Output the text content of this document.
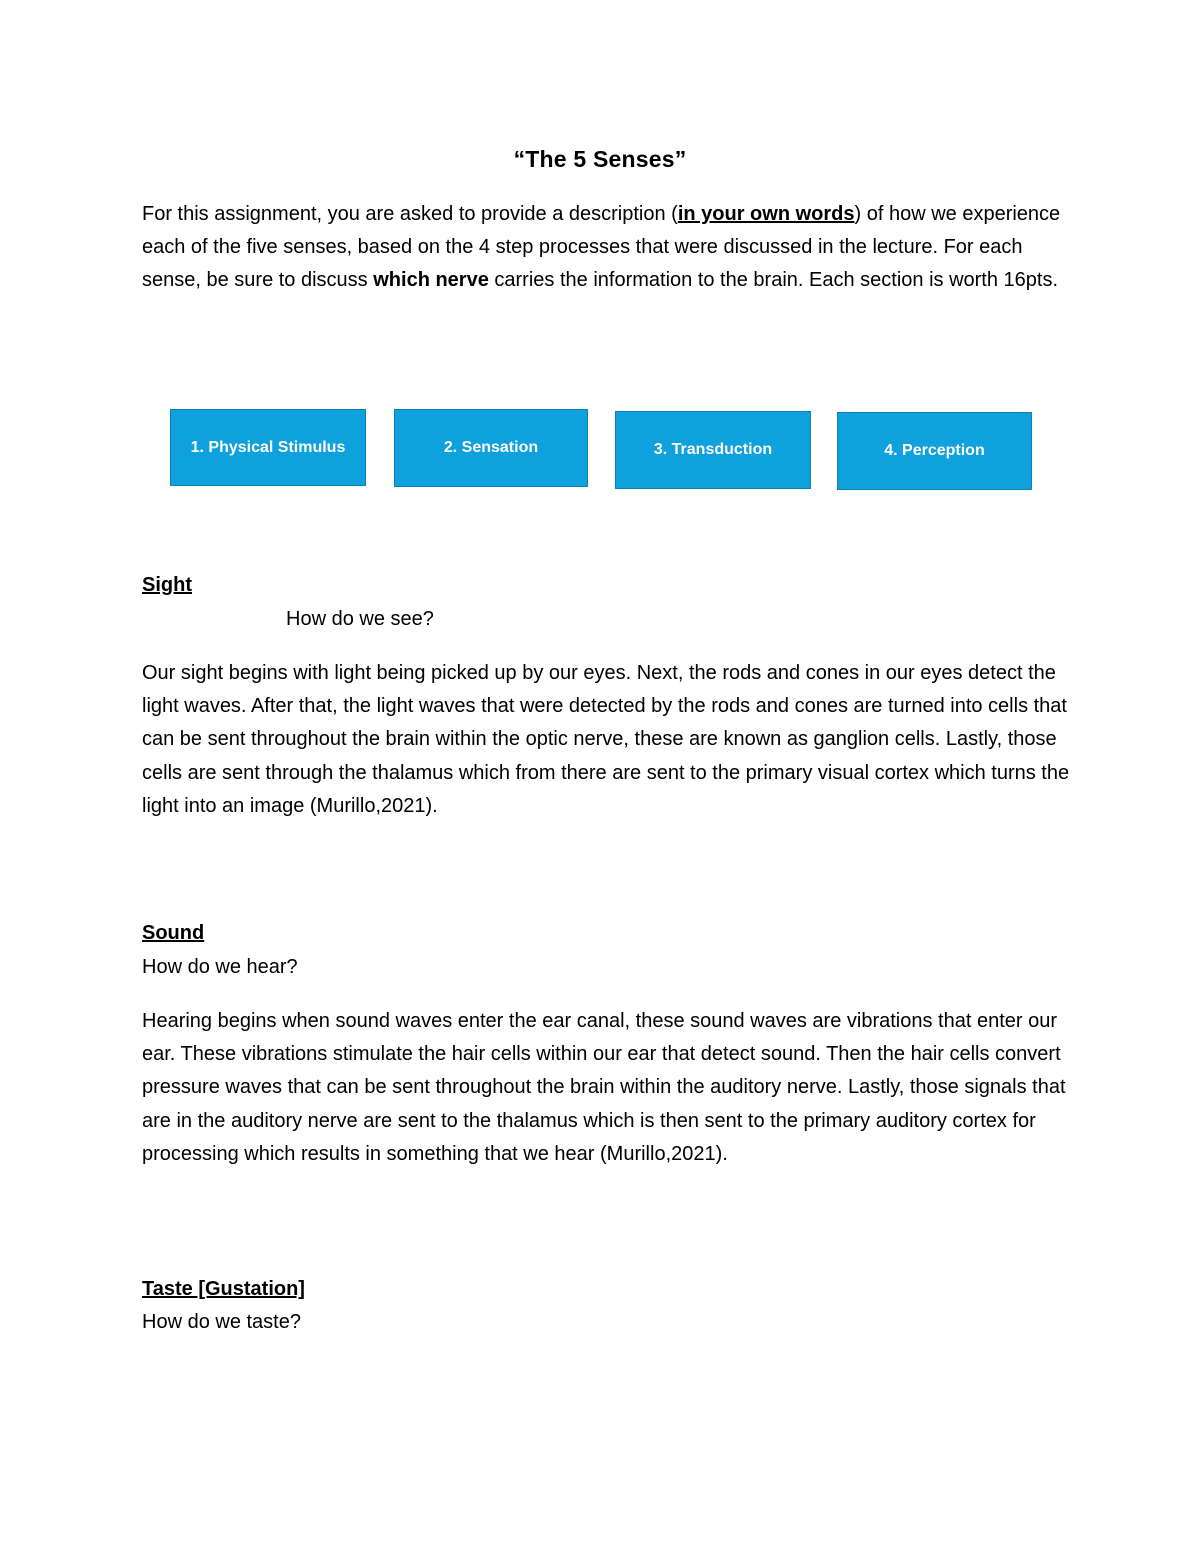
“The 5 Senses”
For this assignment, you are asked to provide a description (in your own words) of how we experience each of the five senses, based on the 4 step processes that were discussed in the lecture. For each sense, be sure to discuss which nerve carries the information to the brain. Each section is worth 16pts.
1. Physical Stimulus	2. Sensation	3. Transduction	4. Perception
Sight
How do we see?

Our sight begins with light being picked up by our eyes. Next, the rods and cones in our eyes detect the light waves. After that, the light waves that were detected by the rods and cones are turned into cells that can be sent throughout the brain within the optic nerve, these are known as ganglion cells. Lastly, those cells are sent through the thalamus which from there are sent to the primary visual cortex which turns the light into an image (Murillo,2021).

Sound
How do we hear?

Hearing begins when sound waves enter the ear canal, these sound waves are vibrations that enter our ear. These vibrations stimulate the hair cells within our ear that detect sound. Then the hair cells convert pressure waves that can be sent throughout the brain within the auditory nerve. Lastly, those signals that are in the auditory nerve are sent to the thalamus which is then sent to the primary auditory cortex for processing which results in something that we hear (Murillo,2021).

Taste [Gustation]
How do we taste?
